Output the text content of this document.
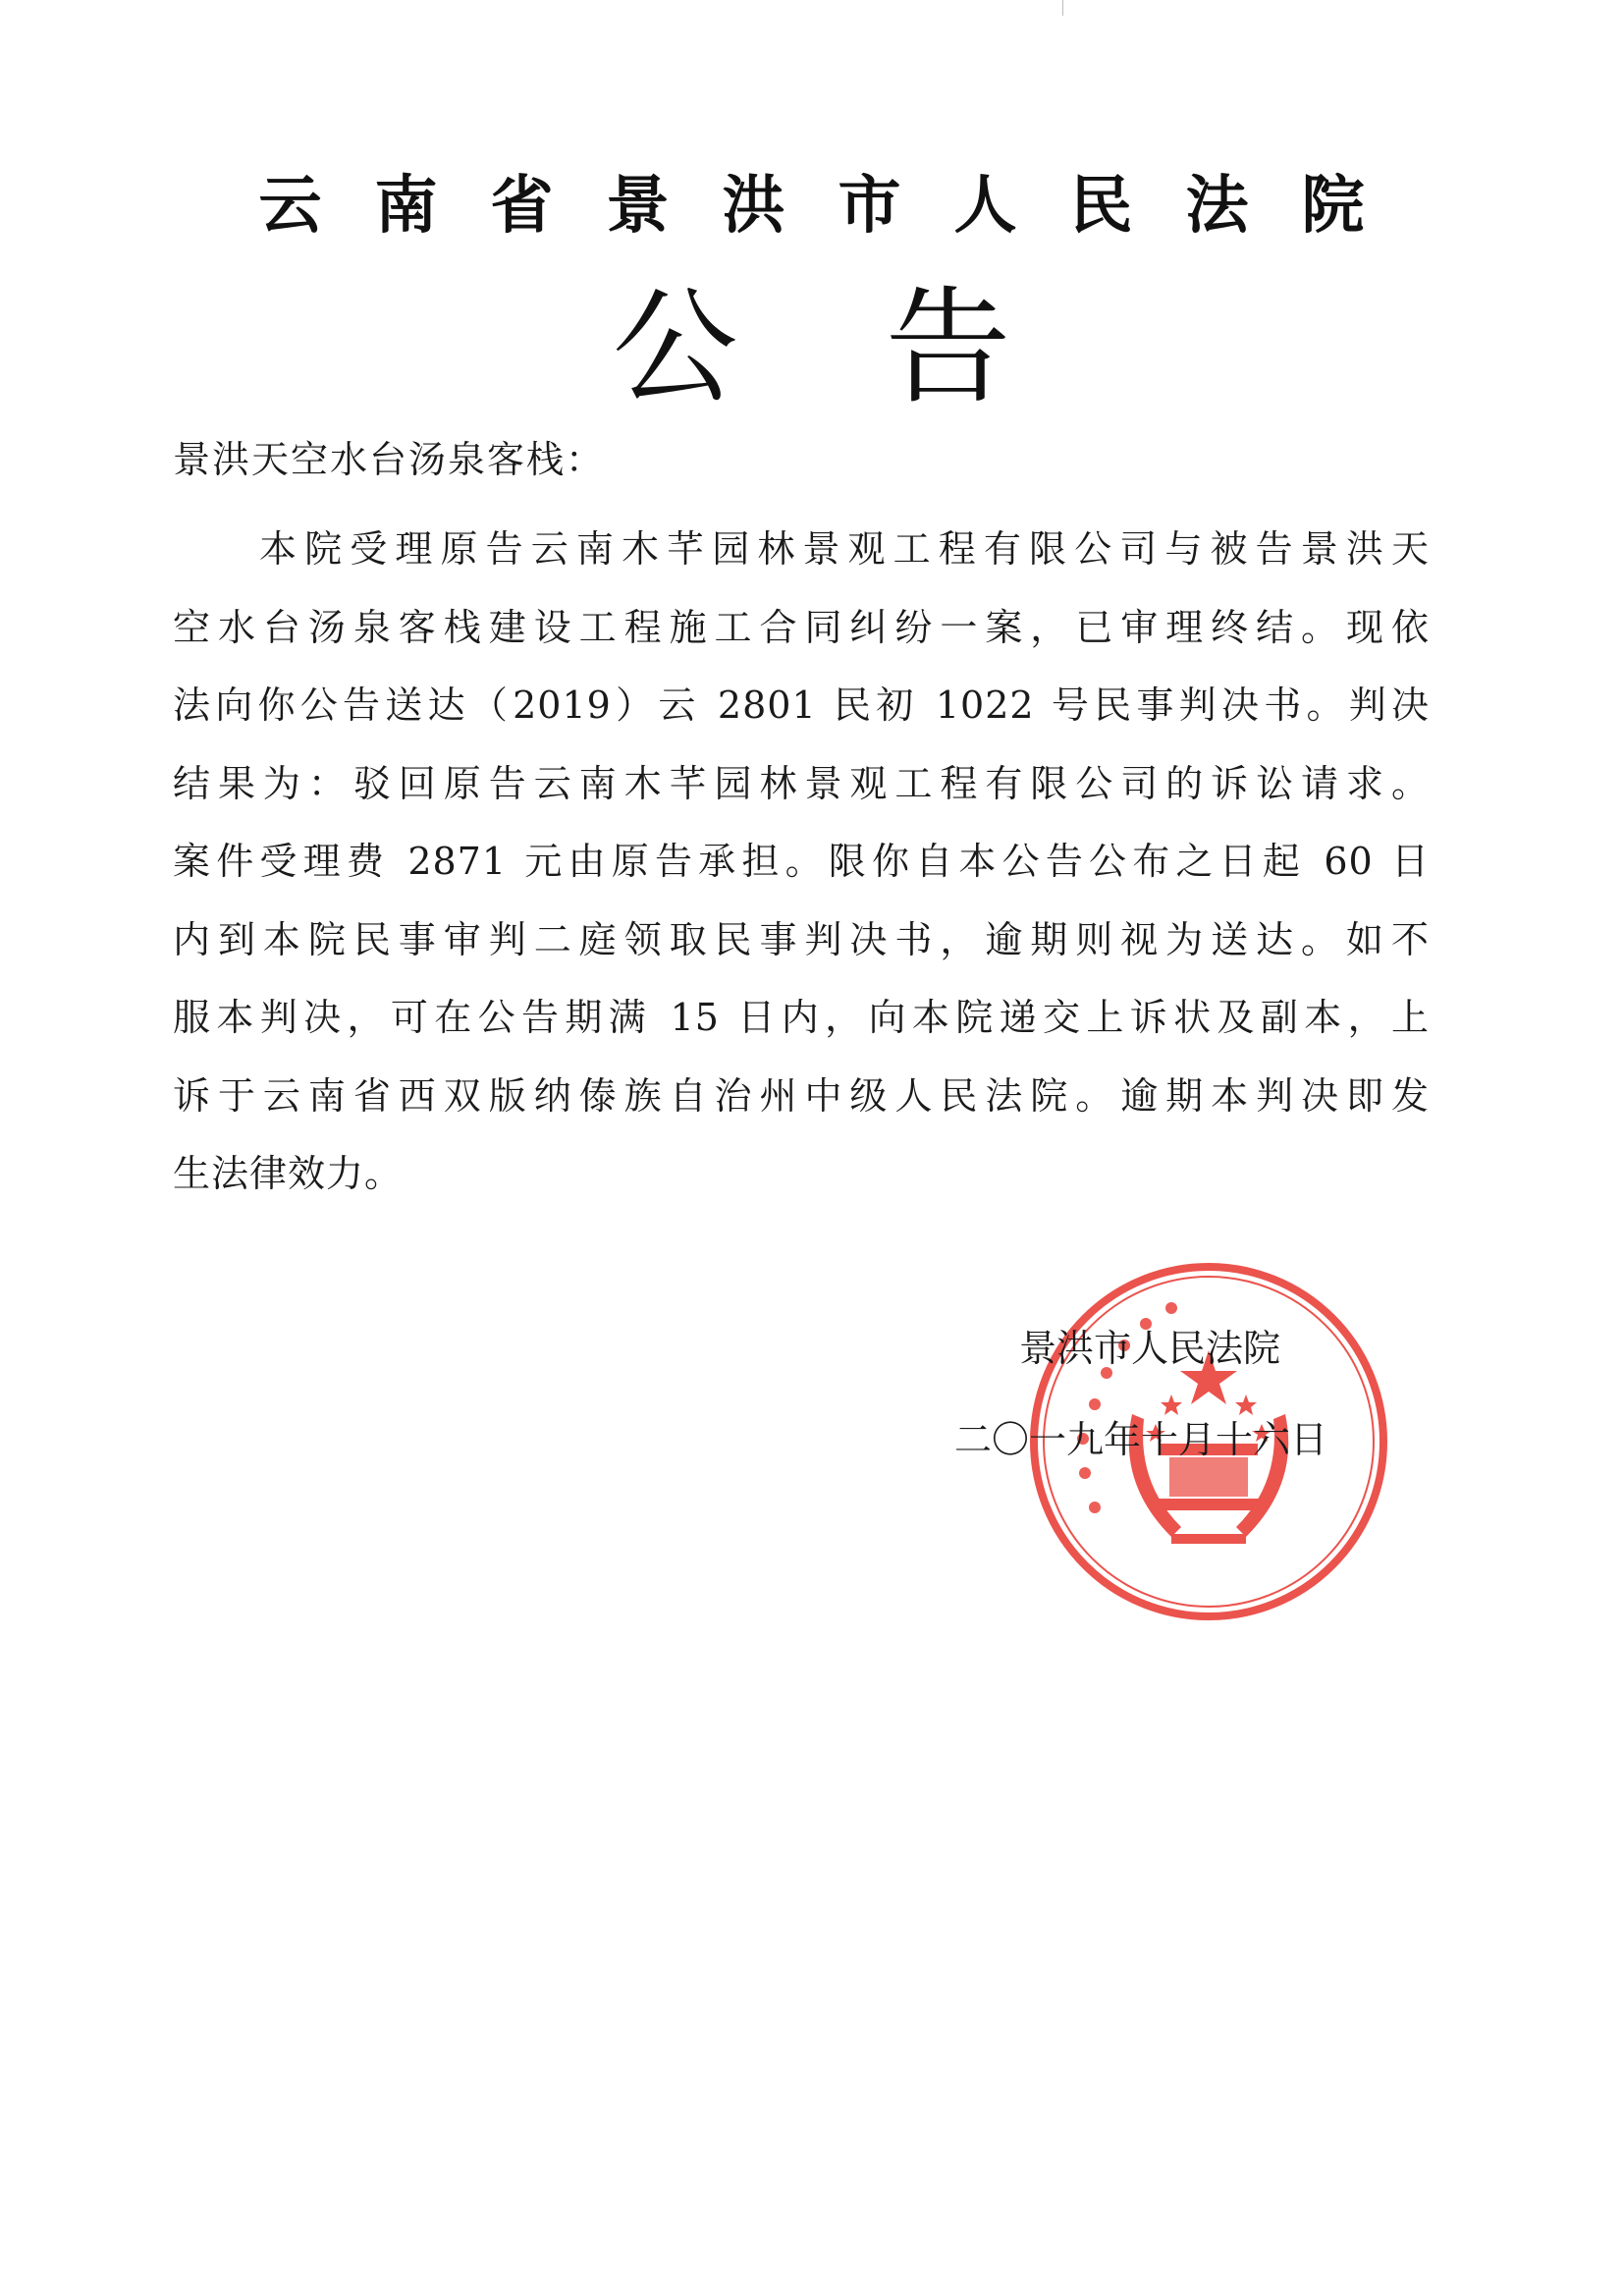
云南省景洪市人民法院
公告
景洪天空水台汤泉客栈：
本院受理原告云南木芊园林景观工程有限公司与被告景洪天
空水台汤泉客栈建设工程施工合同纠纷一案，已审理终结。现依
法向你公告送达（2019）云 2801 民初 1022 号民事判决书。判决
结果为：驳回原告云南木芊园林景观工程有限公司的诉讼请求。
案件受理费 2871 元由原告承担。限你自本公告公布之日起 60 日
内到本院民事审判二庭领取民事判决书，逾期则视为送达。如不
服本判决，可在公告期满 15 日内，向本院递交上诉状及副本，上
诉于云南省西双版纳傣族自治州中级人民法院。逾期本判决即发
生法律效力。
景洪市人民法院
二〇一九年十月十六日
